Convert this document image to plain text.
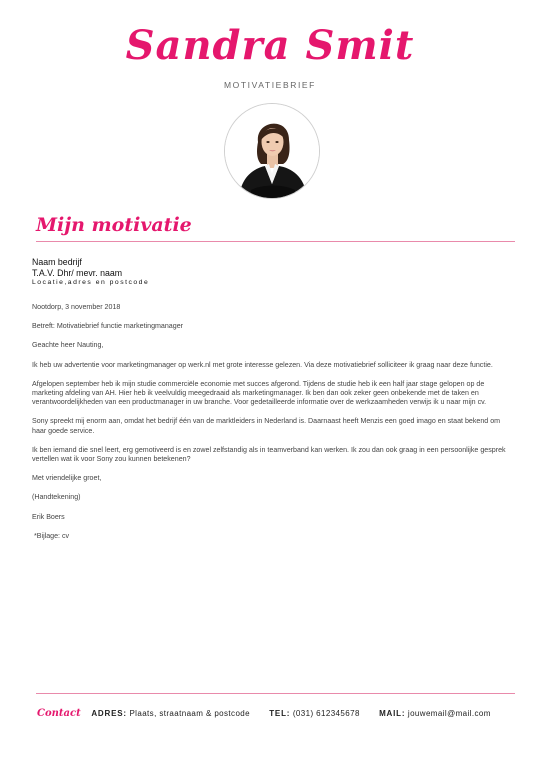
Sandra Smit
MOTIVATIEBRIEF
Mijn motivatie
Naam bedrijf
T.A.V. Dhr/ mevr. naam
Locatie,adres en postcode

Nootdorp, 3 november 2018

Betreft: Motivatiebrief functie marketingmanager

Geachte heer Nauting,

Ik heb uw advertentie voor marketingmanager op werk.nl met grote interesse gelezen. Via deze motivatiebrief solliciteer ik graag naar deze functie.

Afgelopen september heb ik mijn studie commerciële economie met succes afgerond. Tijdens de studie heb ik een half jaar stage gelopen op de marketing afdeling van AH. Hier heb ik veelvuldig meegedraaid als marketingmanager. Ik ben dan ook zeker geen onbekende met de taken en verantwoordelijkheden van een productmanager in uw branche. Voor gedetailleerde informatie over de werkzaamheden verwijs ik u naar mijn cv.

Sony spreekt mij enorm aan, omdat het bedrijf één van de marktleiders in Nederland is. Daarnaast heeft Menzis een goed imago en staat bekend om haar goede service.

Ik ben iemand die snel leert, erg gemotiveerd is en zowel zelfstandig als in teamverband kan werken. Ik zou dan ook graag in een persoonlijke gesprek vertellen wat ik voor Sony zou kunnen betekenen?

Met vriendelijke groet,

(Handtekening)

Erik Boers

*Bijlage: cv

Contact ADRES: Plaats, straatnaam & postcode TEL: (031) 612345678 MAIL: jouwemail@mail.com
